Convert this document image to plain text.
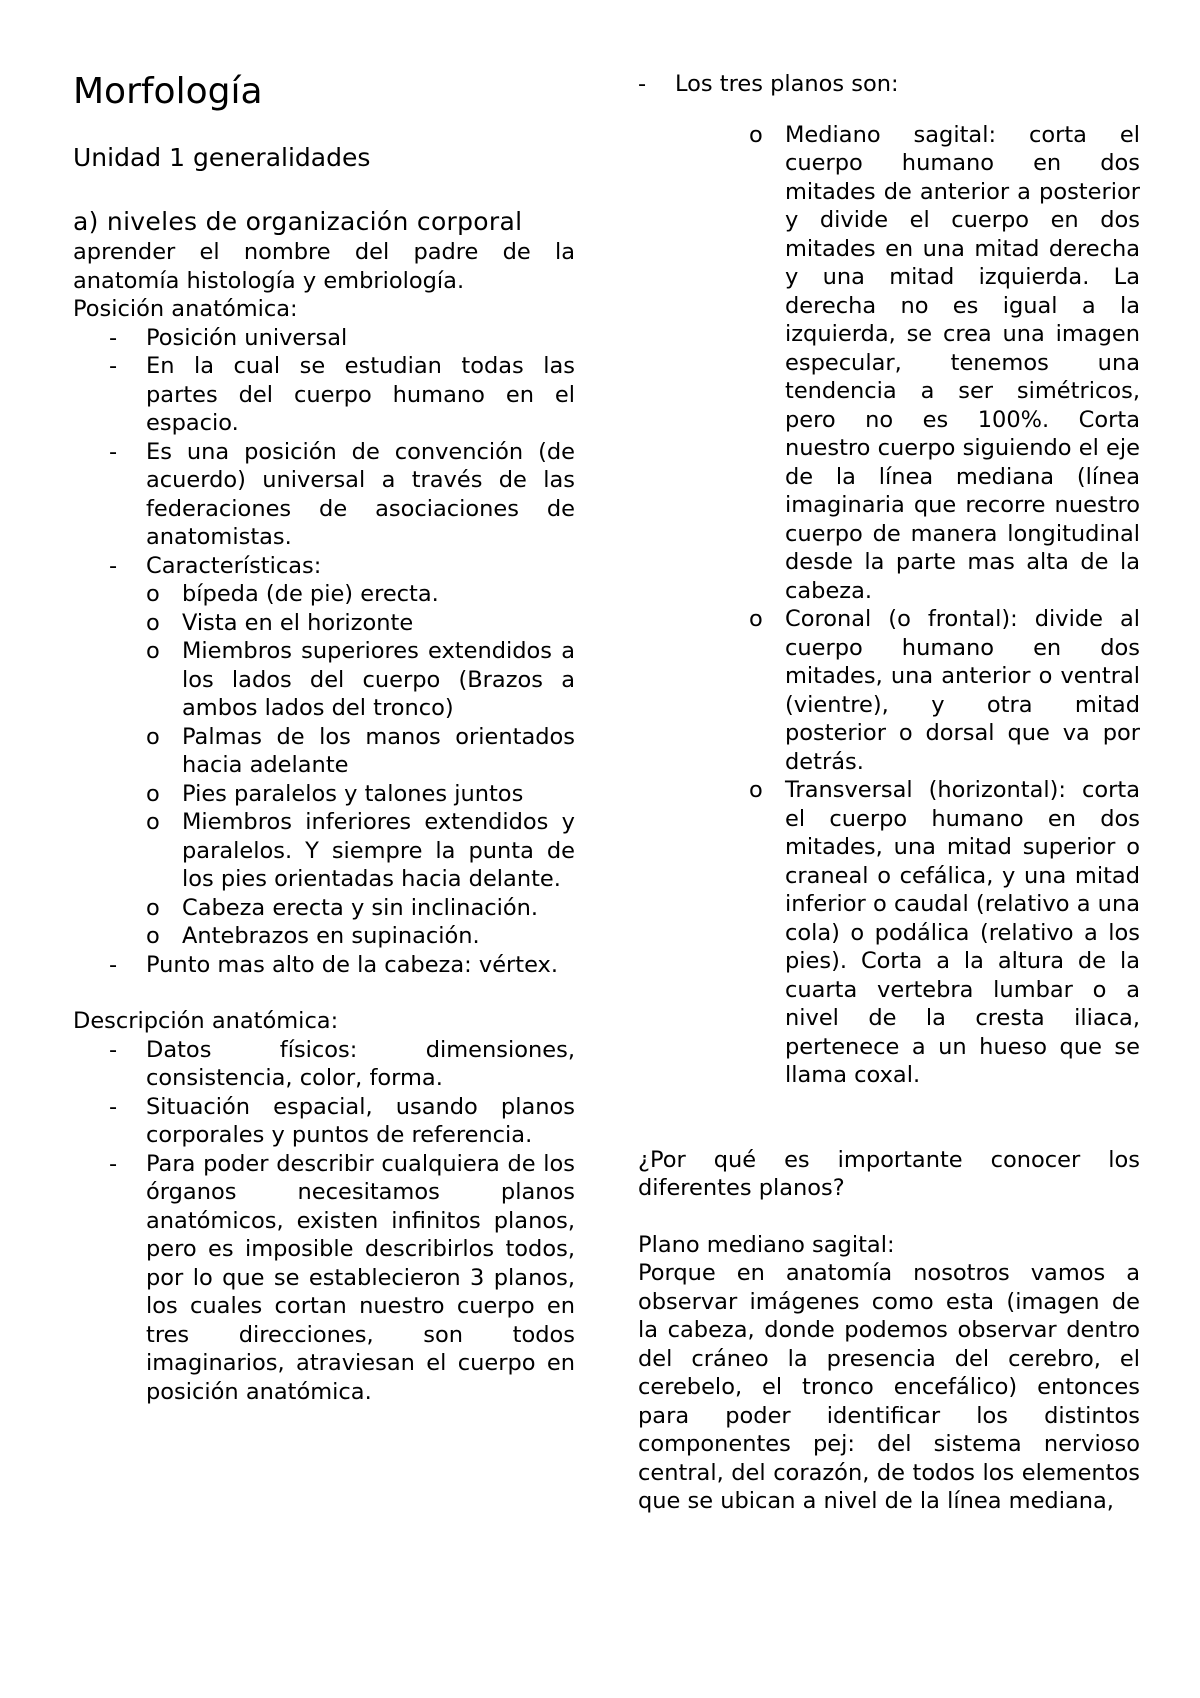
Morfología
Unidad 1 generalidades
a) niveles de organización corporal

aprender el nombre del padre de la anatomía histología y embriología.

Posición anatómica:

- Posición universal
- En la cual se estudian todas las partes del cuerpo humano en el espacio.
- Es una posición de convención (de acuerdo) universal a través de las federaciones de asociaciones de anatomistas.
- Características:
o bípeda (de pie) erecta.
o Vista en el horizonte
o Miembros superiores extendidos a los lados del cuerpo (Brazos a ambos lados del tronco)
o Palmas de los manos orientados hacia adelante
o Pies paralelos y talones juntos
o Miembros inferiores extendidos y paralelos. Y siempre la punta de los pies orientadas hacia delante.
o Cabeza erecta y sin inclinación.
o Antebrazos en supinación.
- Punto mas alto de la cabeza: vértex.

Descripción anatómica:

- Datos físicos: dimensiones, consistencia, color, forma.
- Situación espacial, usando planos corporales y puntos de referencia.
- Para poder describir cualquiera de los órganos necesitamos planos anatómicos, existen infinitos planos, pero es imposible describirlos todos, por lo que se establecieron 3 planos, los cuales cortan nuestro cuerpo en tres direcciones, son todos imaginarios, atraviesan el cuerpo en posición anatómica.
- Los tres planos son:
o Mediano sagital: corta el cuerpo humano en dos mitades de anterior a posterior y divide el cuerpo en dos mitades en una mitad derecha y una mitad izquierda. La derecha no es igual a la izquierda, se crea una imagen especular, tenemos una tendencia a ser simétricos, pero no es 100%. Corta nuestro cuerpo siguiendo el eje de la línea mediana (línea imaginaria que recorre nuestro cuerpo de manera longitudinal desde la parte mas alta de la cabeza.
o Coronal (o frontal): divide al cuerpo humano en dos mitades, una anterior o ventral (vientre), y otra mitad posterior o dorsal que va por detrás.
o Transversal (horizontal): corta el cuerpo humano en dos mitades, una mitad superior o craneal o cefálica, y una mitad inferior o caudal (relativo a una cola) o podálica (relativo a los pies). Corta a la altura de la cuarta vertebra lumbar o a nivel de la cresta iliaca, pertenece a un hueso que se llama coxal.

¿Por qué es importante conocer los diferentes planos?

Plano mediano sagital:

Porque en anatomía nosotros vamos a observar imágenes como esta (imagen de la cabeza, donde podemos observar dentro del cráneo la presencia del cerebro, el cerebelo, el tronco encefálico) entonces para poder identificar los distintos componentes pej: del sistema nervioso central, del corazón, de todos los elementos que se ubican a nivel de la línea mediana,
